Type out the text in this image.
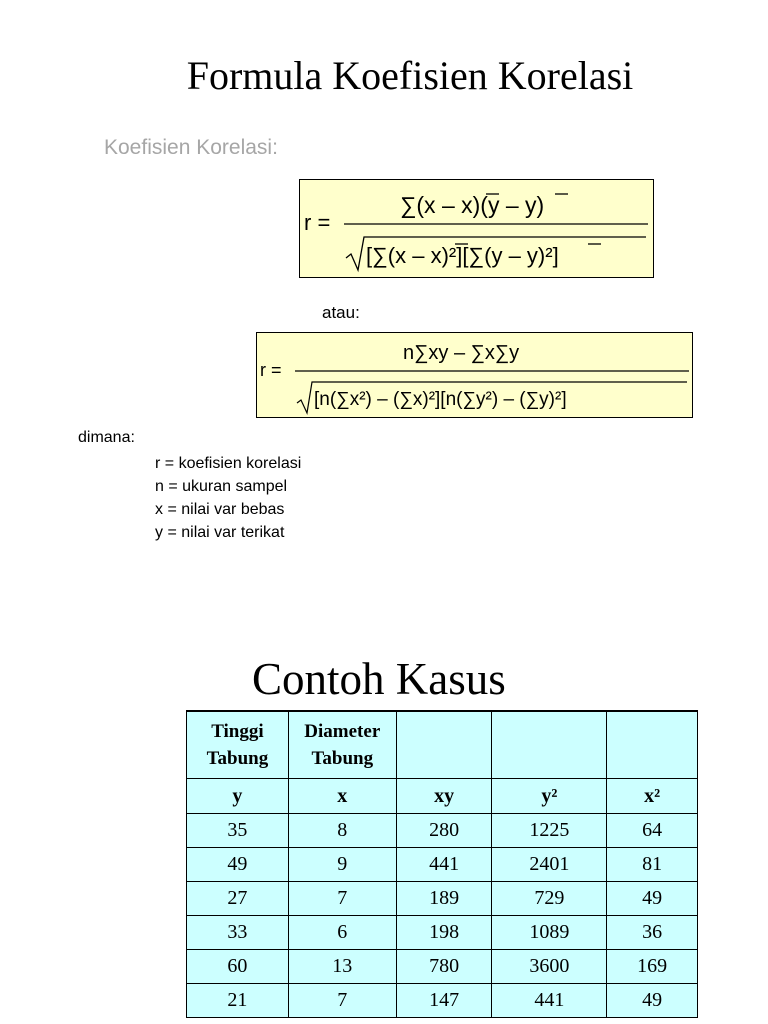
Formula Koefisien Korelasi
Koefisien Korelasi:
r =
∑(x – x)(y – y)
[∑(x – x)²][∑(y – y)²]
atau:
r =
n∑xy – ∑x∑y
[n(∑x²) – (∑x)²][n(∑y²) – (∑y)²]
dimana:
r = koefisien korelasi
n = ukuran sampel
x = nilai var bebas
y = nilai var terikat
Contoh Kasus
Tinggi Tabung	Diameter Tabung			
y	x	xy	y²	x²
35	8	280	1225	64
49	9	441	2401	81
27	7	189	729	49
33	6	198	1089	36
60	13	780	3600	169
21	7	147	441	49
